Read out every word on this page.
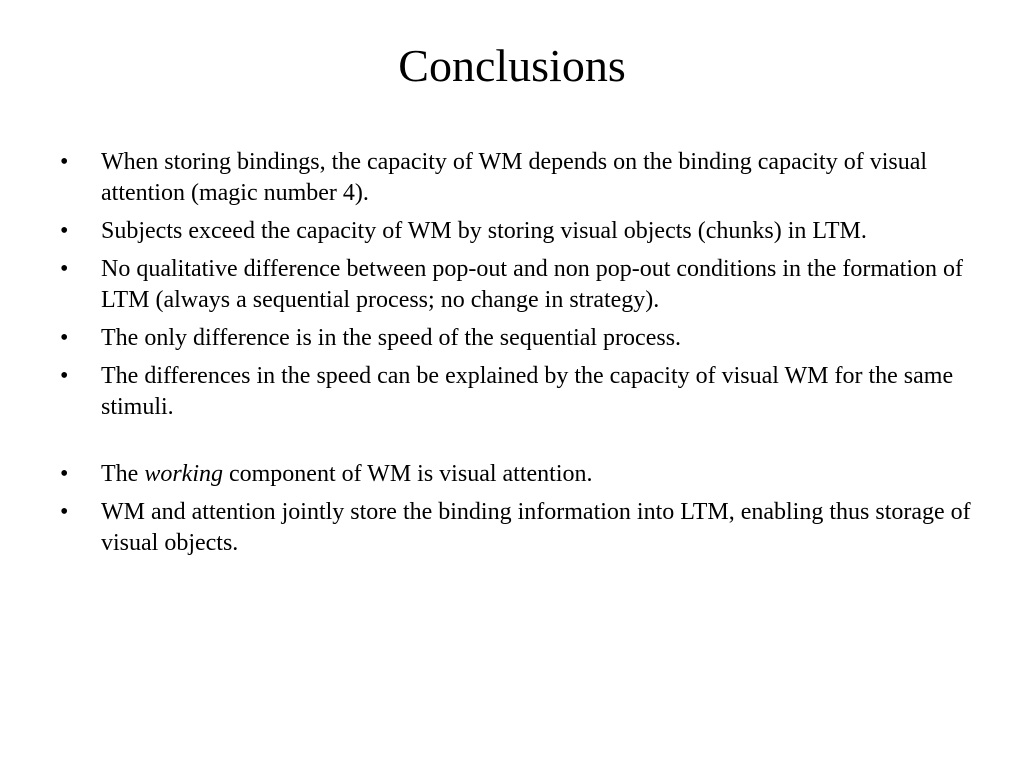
Conclusions
•	When storing bindings, the capacity of WM depends on the binding capacity of visual attention (magic number 4).
•	Subjects exceed the capacity of WM by storing visual objects (chunks) in LTM.
•	No qualitative difference between pop-out and non pop-out conditions in the formation of LTM (always a sequential process; no change in strategy).
•	The only difference is in the speed of the sequential process.
•	The differences in the speed can be explained by the capacity of visual WM for the same stimuli.
•	The working component of WM is visual attention.
•	WM and attention jointly store the binding information into LTM, enabling thus storage of visual objects.
